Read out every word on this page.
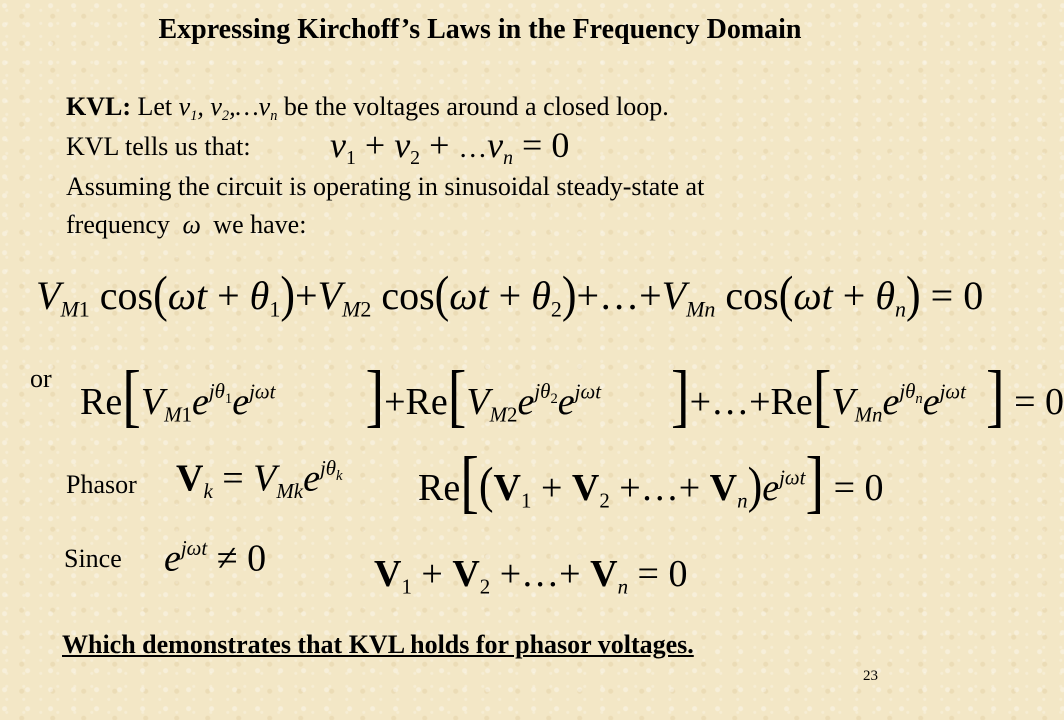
Expressing Kirchoff’s Laws in the Frequency Domain
KVL: Let $v_1$, $v_2,\dots v_n$ be the voltages around a closed loop.
KVL tells us that: $v_1 + v_2$ + $\dots v_n = 0$
Assuming the circuit is operating in sinusoidal steady-state at
frequency ω we have:
$V_{M1}$ $\cos(\omega t + \theta_1)+V_{M2}$ $\cos(\omega t + \theta_2)+\dots+V_{Mn}$ $\cos(\omega t + \theta_n) = 0$
or
$Re[V_{M1}e^{j\theta_1}e^{j\omega t}$ ]$+Re[V_{M2}e^{j\theta_2}e^{j\omega t}$ ]$+\dots+Re[V_{Mn}e^{j\theta_n}e^{j\omega t}$ ] = 0
Phasor $V_k = V_{Mk}e^{j\theta_k}$ $Re[(V_1 + V_2$ +…+ $V_n)e^{j\omega t}] = 0$
Since $e^{j\omega t} \ne 0$	$V_1 + V_2$ +…+ $V_n = 0$
Which demonstrates that KVL holds for phasor voltages.
23
